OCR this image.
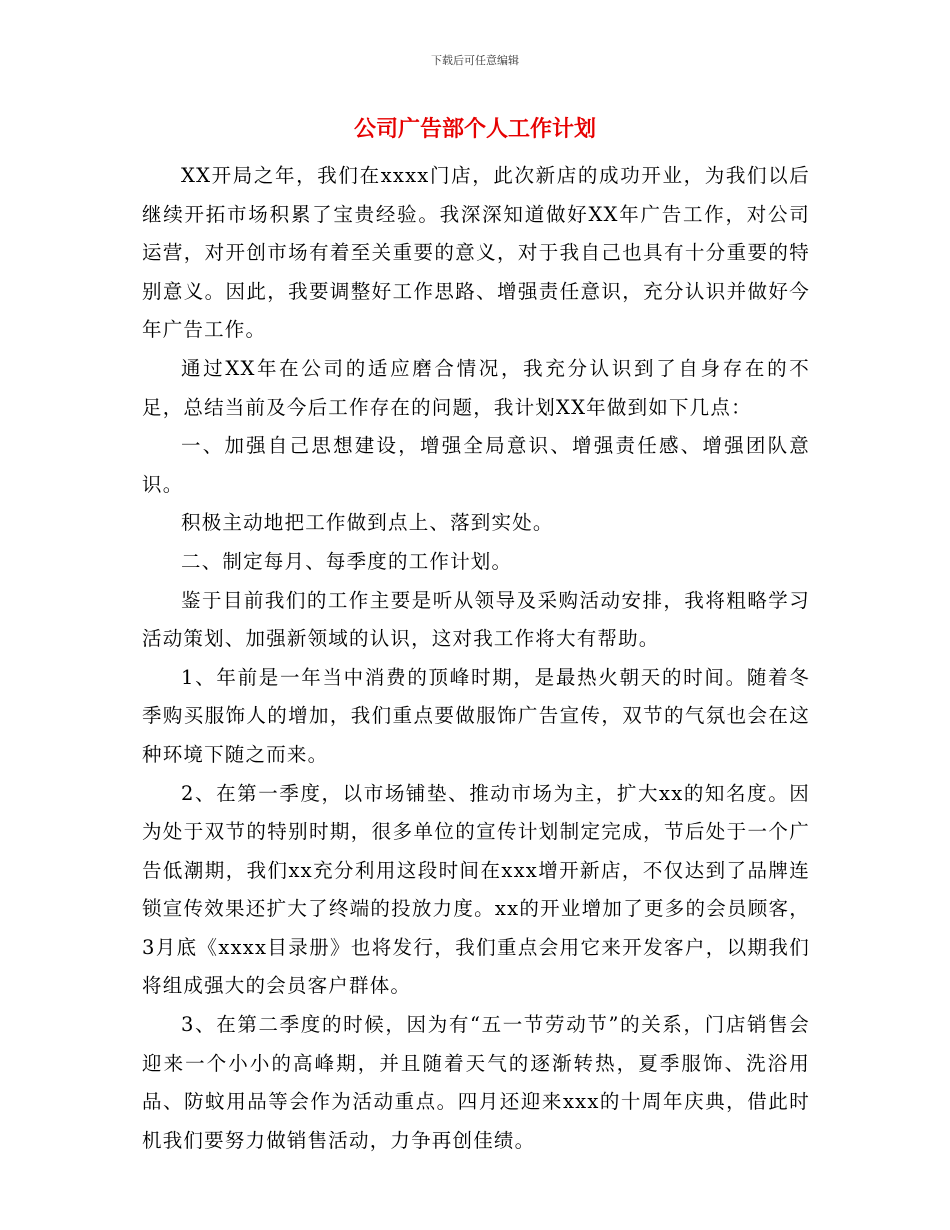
下载后可任意编辑
公司广告部个人工作计划

XX开局之年，我们在xxxx门店，此次新店的成功开业，为我们以后继续开拓市场积累了宝贵经验。我深深知道做好XX年广告工作，对公司运营，对开创市场有着至关重要的意义，对于我自己也具有十分重要的特别意义。因此，我要调整好工作思路、增强责任意识，充分认识并做好今年广告工作。

通过XX年在公司的适应磨合情况，我充分认识到了自身存在的不足，总结当前及今后工作存在的问题，我计划XX年做到如下几点：

一、加强自己思想建设，增强全局意识、增强责任感、增强团队意识。

积极主动地把工作做到点上、落到实处。

二、制定每月、每季度的工作计划。

鉴于目前我们的工作主要是听从领导及采购活动安排，我将粗略学习活动策划、加强新领域的认识，这对我工作将大有帮助。

1、年前是一年当中消费的顶峰时期，是最热火朝天的时间。随着冬季购买服饰人的增加，我们重点要做服饰广告宣传，双节的气氛也会在这种环境下随之而来。

2、在第一季度，以市场铺垫、推动市场为主，扩大xx的知名度。因为处于双节的特别时期，很多单位的宣传计划制定完成，节后处于一个广告低潮期，我们xx充分利用这段时间在xxx增开新店，不仅达到了品牌连锁宣传效果还扩大了终端的投放力度。xx的开业增加了更多的会员顾客，3月底《xxxx目录册》也将发行，我们重点会用它来开发客户，以期我们将组成强大的会员客户群体。

3、在第二季度的时候，因为有“五一节劳动节”的关系，门店销售会迎来一个小小的高峰期，并且随着天气的逐渐转热，夏季服饰、洗浴用品、防蚊用品等会作为活动重点。四月还迎来xxx的十周年庆典，借此时机我们要努力做销售活动，力争再创佳绩。
